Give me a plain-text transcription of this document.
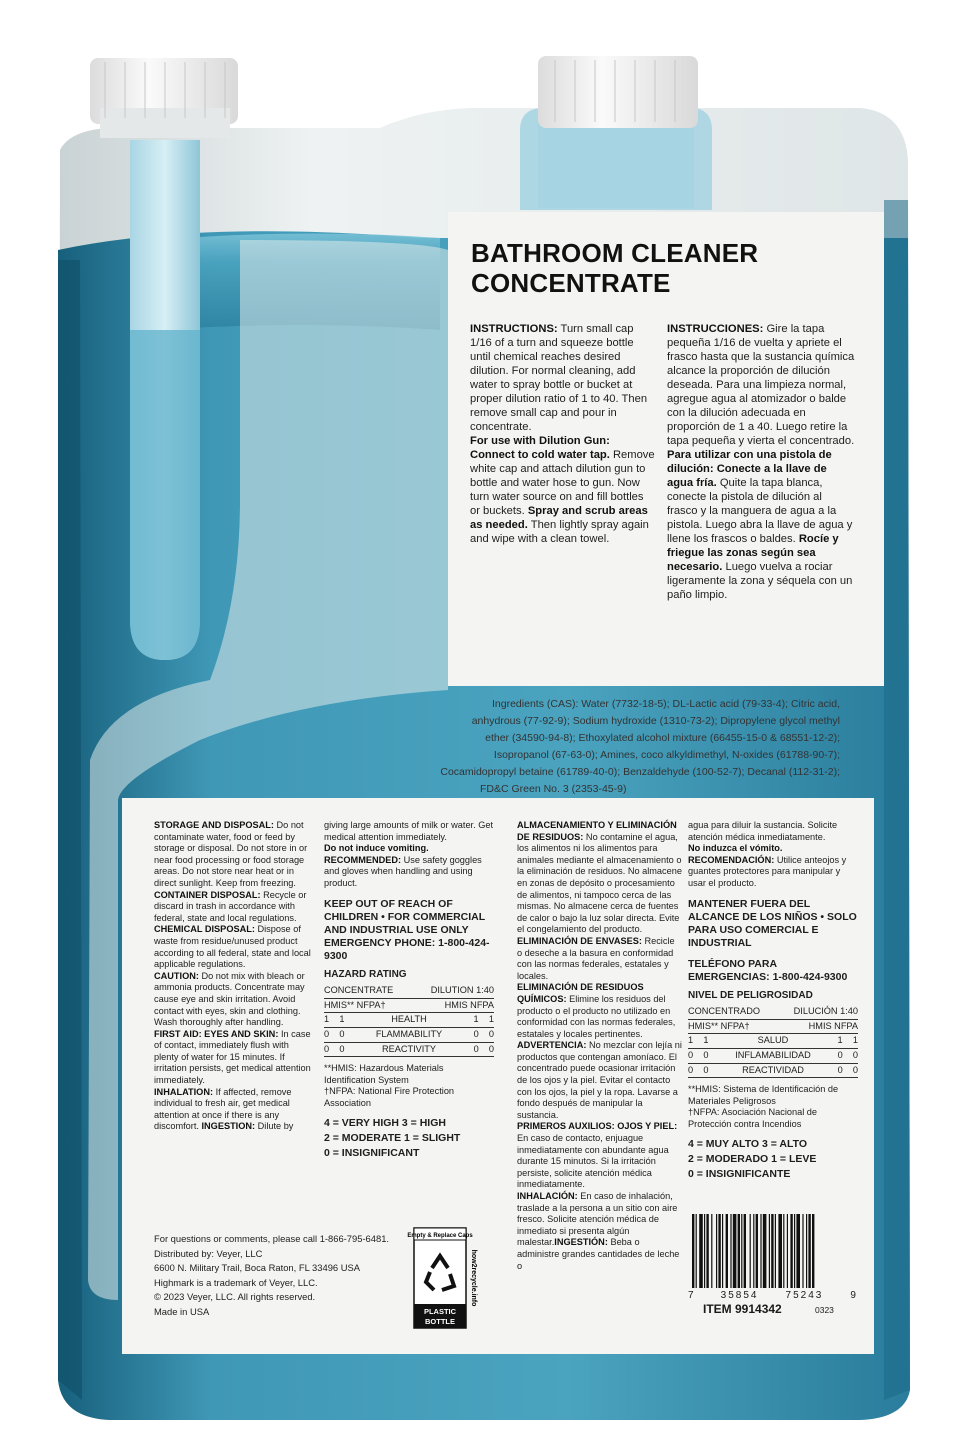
BATHROOM CLEANER
CONCENTRATE
INSTRUCTIONS: Turn small cap 1/16 of a turn and squeeze bottle until chemical reaches desired dilution. For normal cleaning, add water to spray bottle or bucket at proper dilution ratio of 1 to 40. Then remove small cap and pour in concentrate.
For use with Dilution Gun: Connect to cold water tap. Remove white cap and attach dilution gun to bottle and water hose to gun. Now turn water source on and fill bottles or buckets. Spray and scrub areas as needed. Then lightly spray again and wipe with a clean towel.
INSTRUCCIONES: Gire la tapa pequeña 1/16 de vuelta y apriete el frasco hasta que la sustancia química alcance la proporción de dilución deseada. Para una limpieza normal, agregue agua al atomizador o balde con la dilución adecuada en proporción de 1 a 40. Luego retire la tapa pequeña y vierta el concentrado.
Para utilizar con una pistola de dilución: Conecte a la llave de agua fría. Quite la tapa blanca, conecte la pistola de dilución al frasco y la manguera de agua a la pistola. Luego abra la llave de agua y llene los frascos o baldes. Rocíe y friegue las zonas según sea necesario. Luego vuelva a rociar ligeramente la zona y séquela con un paño limpio.
Ingredients (CAS): Water (7732-18-5); DL-Lactic acid (79-33-4); Citric acid,
anhydrous (77-92-9); Sodium hydroxide (1310-73-2); Dipropylene glycol methyl
ether (34590-94-8); Ethoxylated alcohol mixture (66455-15-0 & 68551-12-2);
Isopropanol (67-63-0); Amines, coco alkyldimethyl, N-oxides (61788-90-7);
Cocamidopropyl betaine (61789-40-0); Benzaldehyde (100-52-7); Decanal (112-31-2);
FD&C Green No. 3 (2353-45-9)
STORAGE AND DISPOSAL: Do not contaminate water, food or feed by storage or disposal. Do not store in or near food processing or food storage areas. Do not store near heat or in direct sunlight. Keep from freezing.
CONTAINER DISPOSAL: Recycle or discard in trash in accordance with federal, state and local regulations.
CHEMICAL DISPOSAL: Dispose of waste from residue/unused product according to all federal, state and local applicable regulations.
CAUTION: Do not mix with bleach or ammonia products. Concentrate may cause eye and skin irritation. Avoid contact with eyes, skin and clothing. Wash thoroughly after handling.
FIRST AID: EYES AND SKIN: In case of contact, immediately flush with plenty of water for 15 minutes. If irritation persists, get medical attention immediately.
INHALATION: If affected, remove individual to fresh air, get medical attention at once if there is any discomfort. INGESTION: Dilute by
giving large amounts of milk or water. Get medical attention immediately.
Do not induce vomiting.
RECOMMENDED: Use safety goggles and gloves when handling and using product.
KEEP OUT OF REACH OF CHILDREN • FOR COMMERCIAL AND INDUSTRIAL USE ONLY EMERGENCY PHONE: 1-800-424-9300
HAZARD RATING
CONCENTRATE	DILUTION 1:40
HMIS** NFPA†	HMIS NFPA
1    1	HEALTH	1    1
0    0	FLAMMABILITY	0    0
0    0	REACTIVITY	0    0
**HMIS: Hazardous Materials Identification System
†NFPA: National Fire Protection Association
4 = VERY HIGH 3 = HIGH
2 = MODERATE 1 = SLIGHT
0 = INSIGNIFICANT
ALMACENAMIENTO Y ELIMINACIÓN DE RESIDUOS: No contamine el agua, los alimentos ni los alimentos para animales mediante el almacenamiento o la eliminación de residuos. No almacene en zonas de depósito o procesamiento de alimentos, ni tampoco cerca de las mismas. No almacene cerca de fuentes de calor o bajo la luz solar directa. Evite el congelamiento del producto.
ELIMINACIÓN DE ENVASES: Recicle o deseche a la basura en conformidad con las normas federales, estatales y locales.
ELIMINACIÓN DE RESIDUOS QUÍMICOS: Elimine los residuos del producto o el producto no utilizado en conformidad con las normas federales, estatales y locales pertinentes.
ADVERTENCIA: No mezclar con lejía ni productos que contengan amoníaco. El concentrado puede ocasionar irritación de los ojos y la piel. Evitar el contacto con los ojos, la piel y la ropa. Lavarse a fondo después de manipular la sustancia.
PRIMEROS AUXILIOS: OJOS Y PIEL: En caso de contacto, enjuague inmediatamente con abundante agua durante 15 minutos. Si la irritación persiste, solicite atención médica inmediatamente.
INHALACIÓN: En caso de inhalación, traslade a la persona a un sitio con aire fresco. Solicite atención médica de inmediato si presenta algún malestar.INGESTIÓN: Beba o administre grandes cantidades de leche o
agua para diluir la sustancia. Solicite atención médica inmediatamente.
No induzca el vómito.
RECOMENDACIÓN: Utilice anteojos y guantes protectores para manipular y usar el producto.
MANTENER FUERA DEL ALCANCE DE LOS NIÑOS • SOLO PARA USO COMERCIAL E INDUSTRIAL
TELÉFONO PARA EMERGENCIAS: 1-800-424-9300
NIVEL DE PELIGROSIDAD
CONCENTRADO	DILUCIÓN 1:40
HMIS** NFPA†	HMIS NFPA
1    1	SALUD	1    1
0    0	INFLAMABILIDAD	0    0
0    0	REACTIVIDAD	0    0
**HMIS: Sistema de Identificación de Materiales Peligrosos
†NFPA: Asociación Nacional de Protección contra Incendios
4 = MUY ALTO 3 = ALTO
2 = MODERADO 1 = LEVE
0 = INSIGNIFICANTE
For questions or comments, please call 1-866-795-6481.
Distributed by: Veyer, LLC
6600 N. Military Trail, Boca Raton, FL 33496 USA
Highmark is a trademark of Veyer, LLC.
© 2023 Veyer, LLC. All rights reserved.
Made in USA
Empty & Replace Caps
PLASTIC
BOTTLE
how2recycle.info	7	35854	75243	9
ITEM 9914342	0323
